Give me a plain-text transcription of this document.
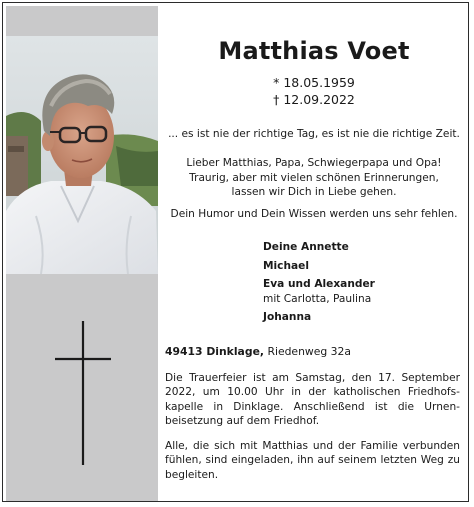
Matthias Voet
* 18.05.1959
† 12.09.2022
... es ist nie der richtige Tag, es ist nie die richtige Zeit.
Lieber Matthias, Papa, Schwiegerpapa und Opa!
Traurig, aber mit vielen schönen Erinnerungen,
lassen wir Dich in Liebe gehen.
Dein Humor und Dein Wissen werden uns sehr fehlen.
Deine Annette
Michael
Eva und Alexander
mit Carlotta, Paulina
Johanna
49413 Dinklage, Riedenweg 32a
Die Trauerfeier ist am Samstag, den 17. September 2022, um 10.00 Uhr in der katholischen Friedhofs-kapelle in Dinklage. Anschließend ist die Urnen-beisetzung auf dem Friedhof.
Alle, die sich mit Matthias und der Familie verbunden fühlen, sind eingeladen, ihn auf seinem letzten Weg zu begleiten.
